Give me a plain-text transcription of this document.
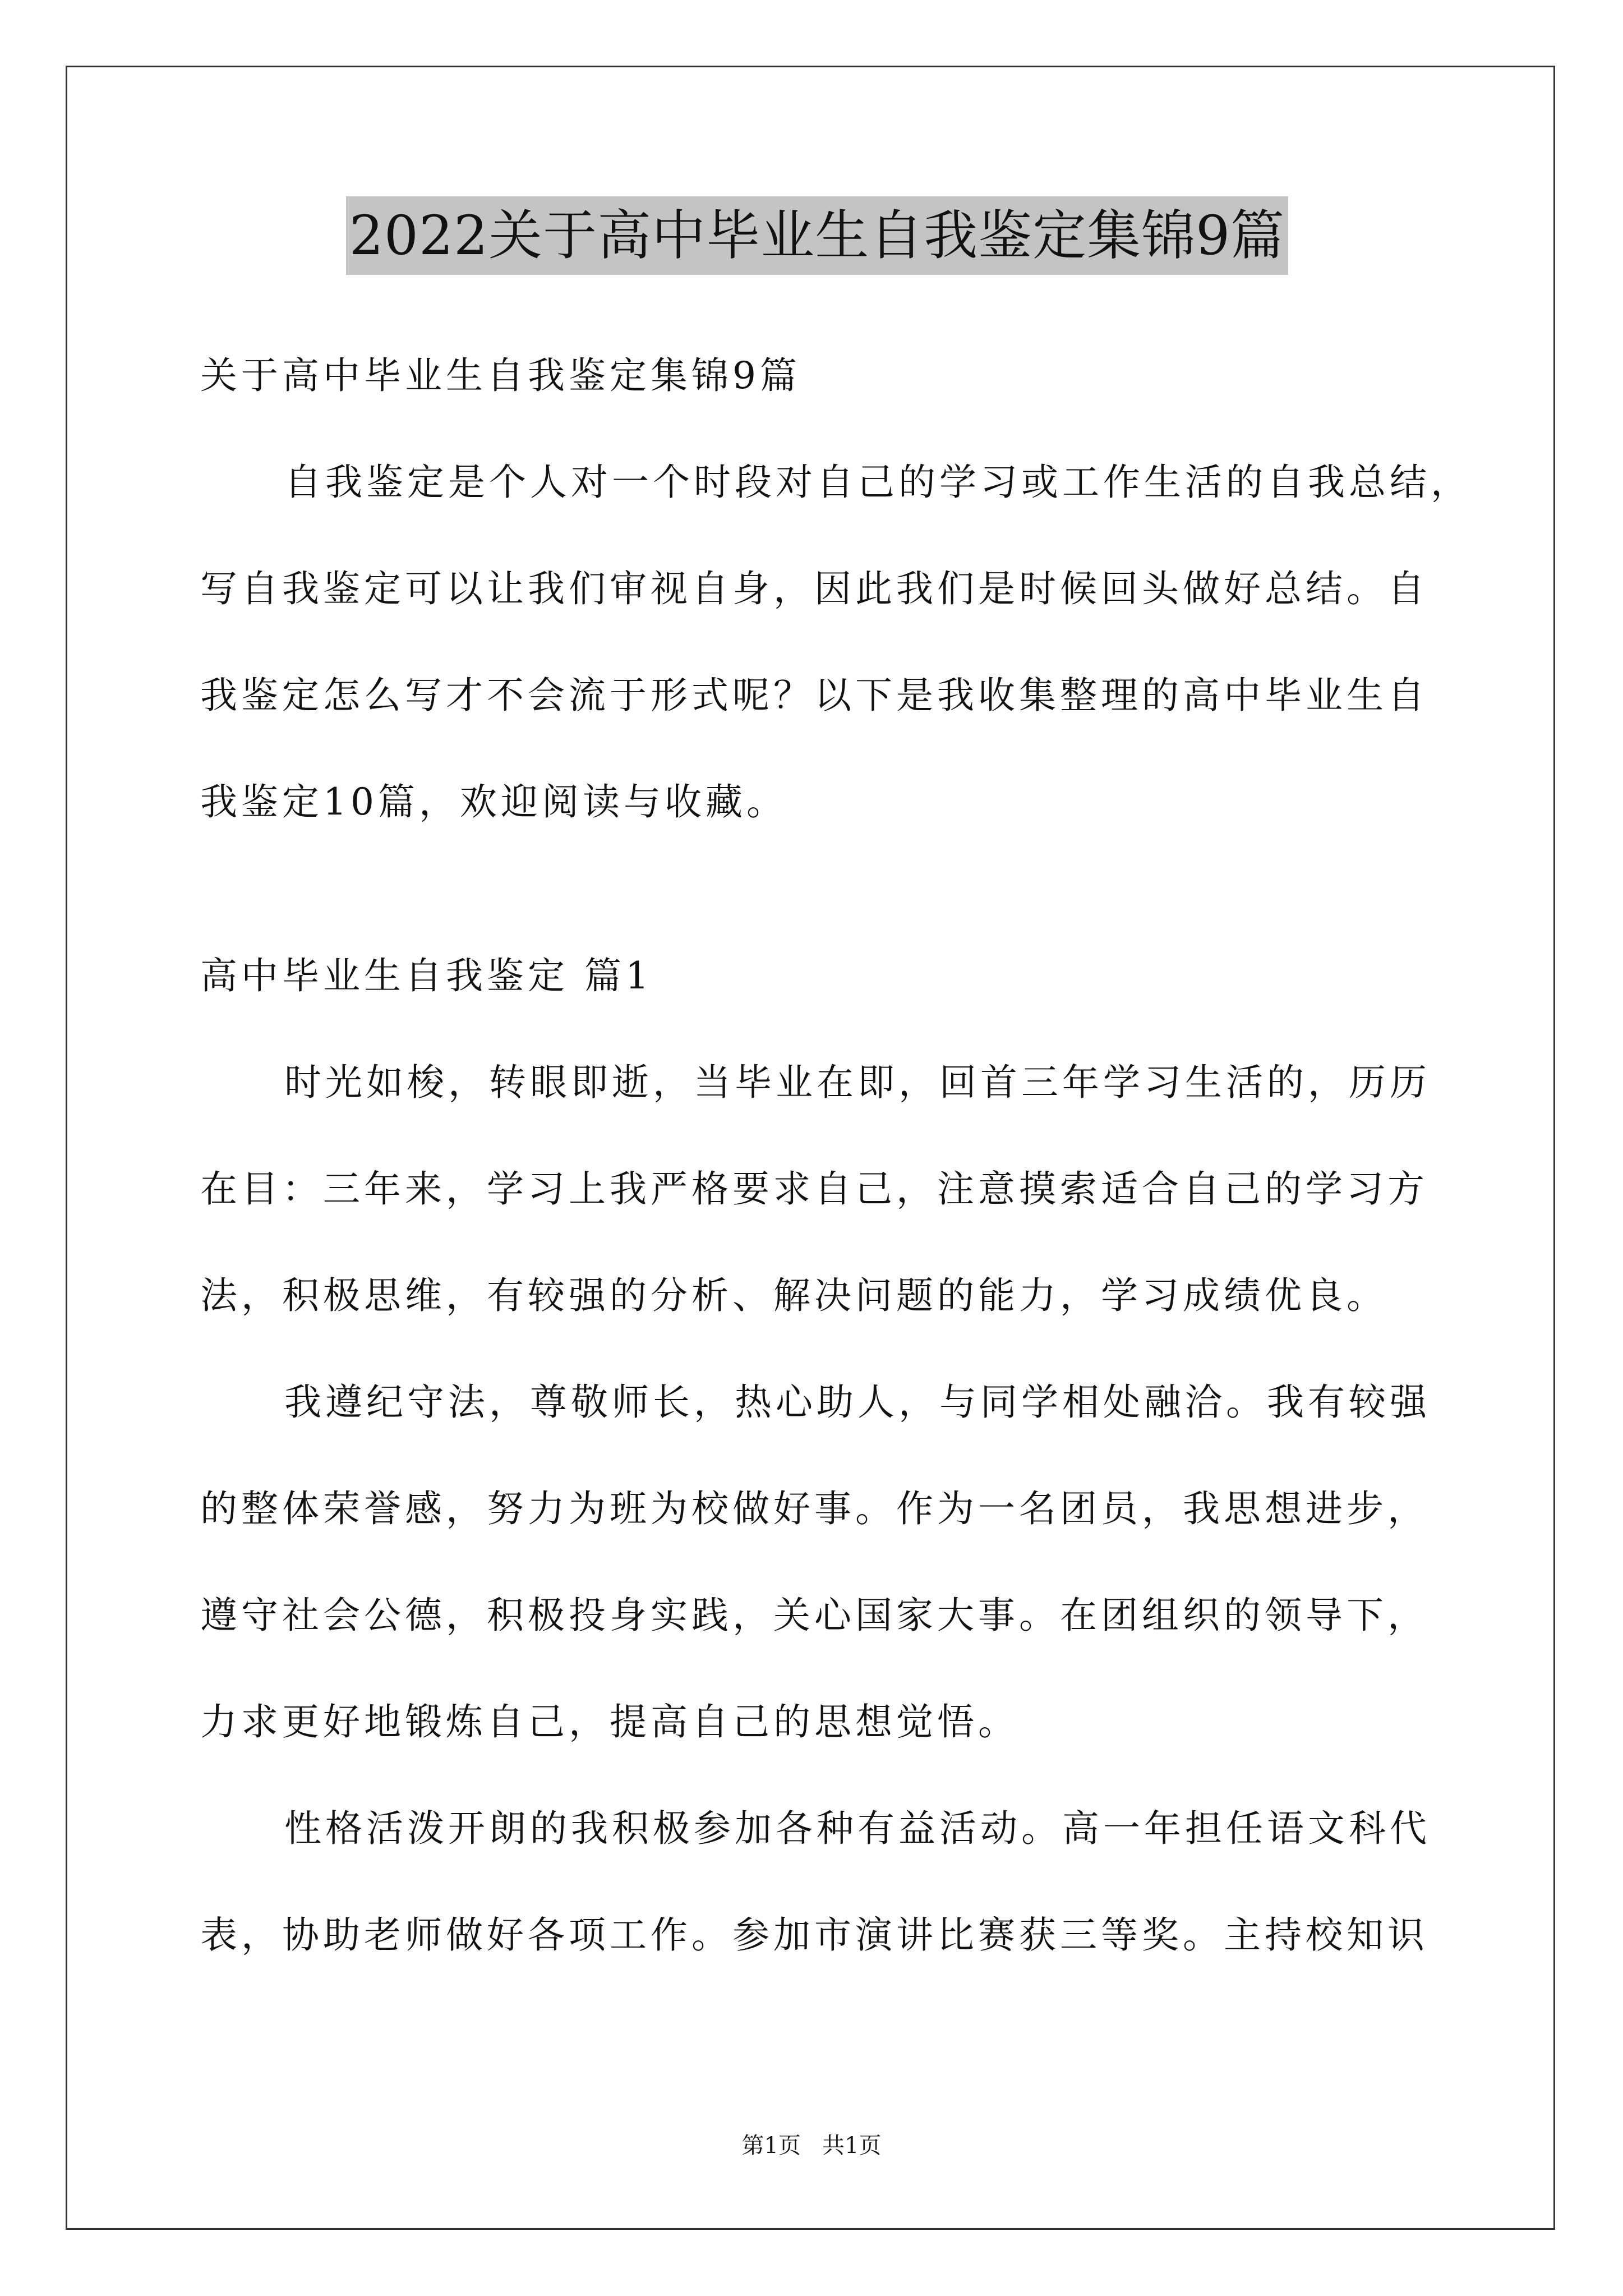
2022关于高中毕业生自我鉴定集锦9篇
关于高中毕业生自我鉴定集锦9篇
自我鉴定是个人对一个时段对自己的学习或工作生活的自我总结，
写自我鉴定可以让我们审视自身，因此我们是时候回头做好总结。自
我鉴定怎么写才不会流于形式呢？以下是我收集整理的高中毕业生自
我鉴定10篇，欢迎阅读与收藏。
高中毕业生自我鉴定 篇1
时光如梭，转眼即逝，当毕业在即，回首三年学习生活的，历历
在目：三年来，学习上我严格要求自己，注意摸索适合自己的学习方
法，积极思维，有较强的分析、解决问题的能力，学习成绩优良。
我遵纪守法，尊敬师长，热心助人，与同学相处融洽。我有较强
的整体荣誉感，努力为班为校做好事。作为一名团员，我思想进步，
遵守社会公德，积极投身实践，关心国家大事。在团组织的领导下，
力求更好地锻炼自己，提高自己的思想觉悟。
性格活泼开朗的我积极参加各种有益活动。高一年担任语文科代
表，协助老师做好各项工作。参加市演讲比赛获三等奖。主持校知识
第1页   共1页
